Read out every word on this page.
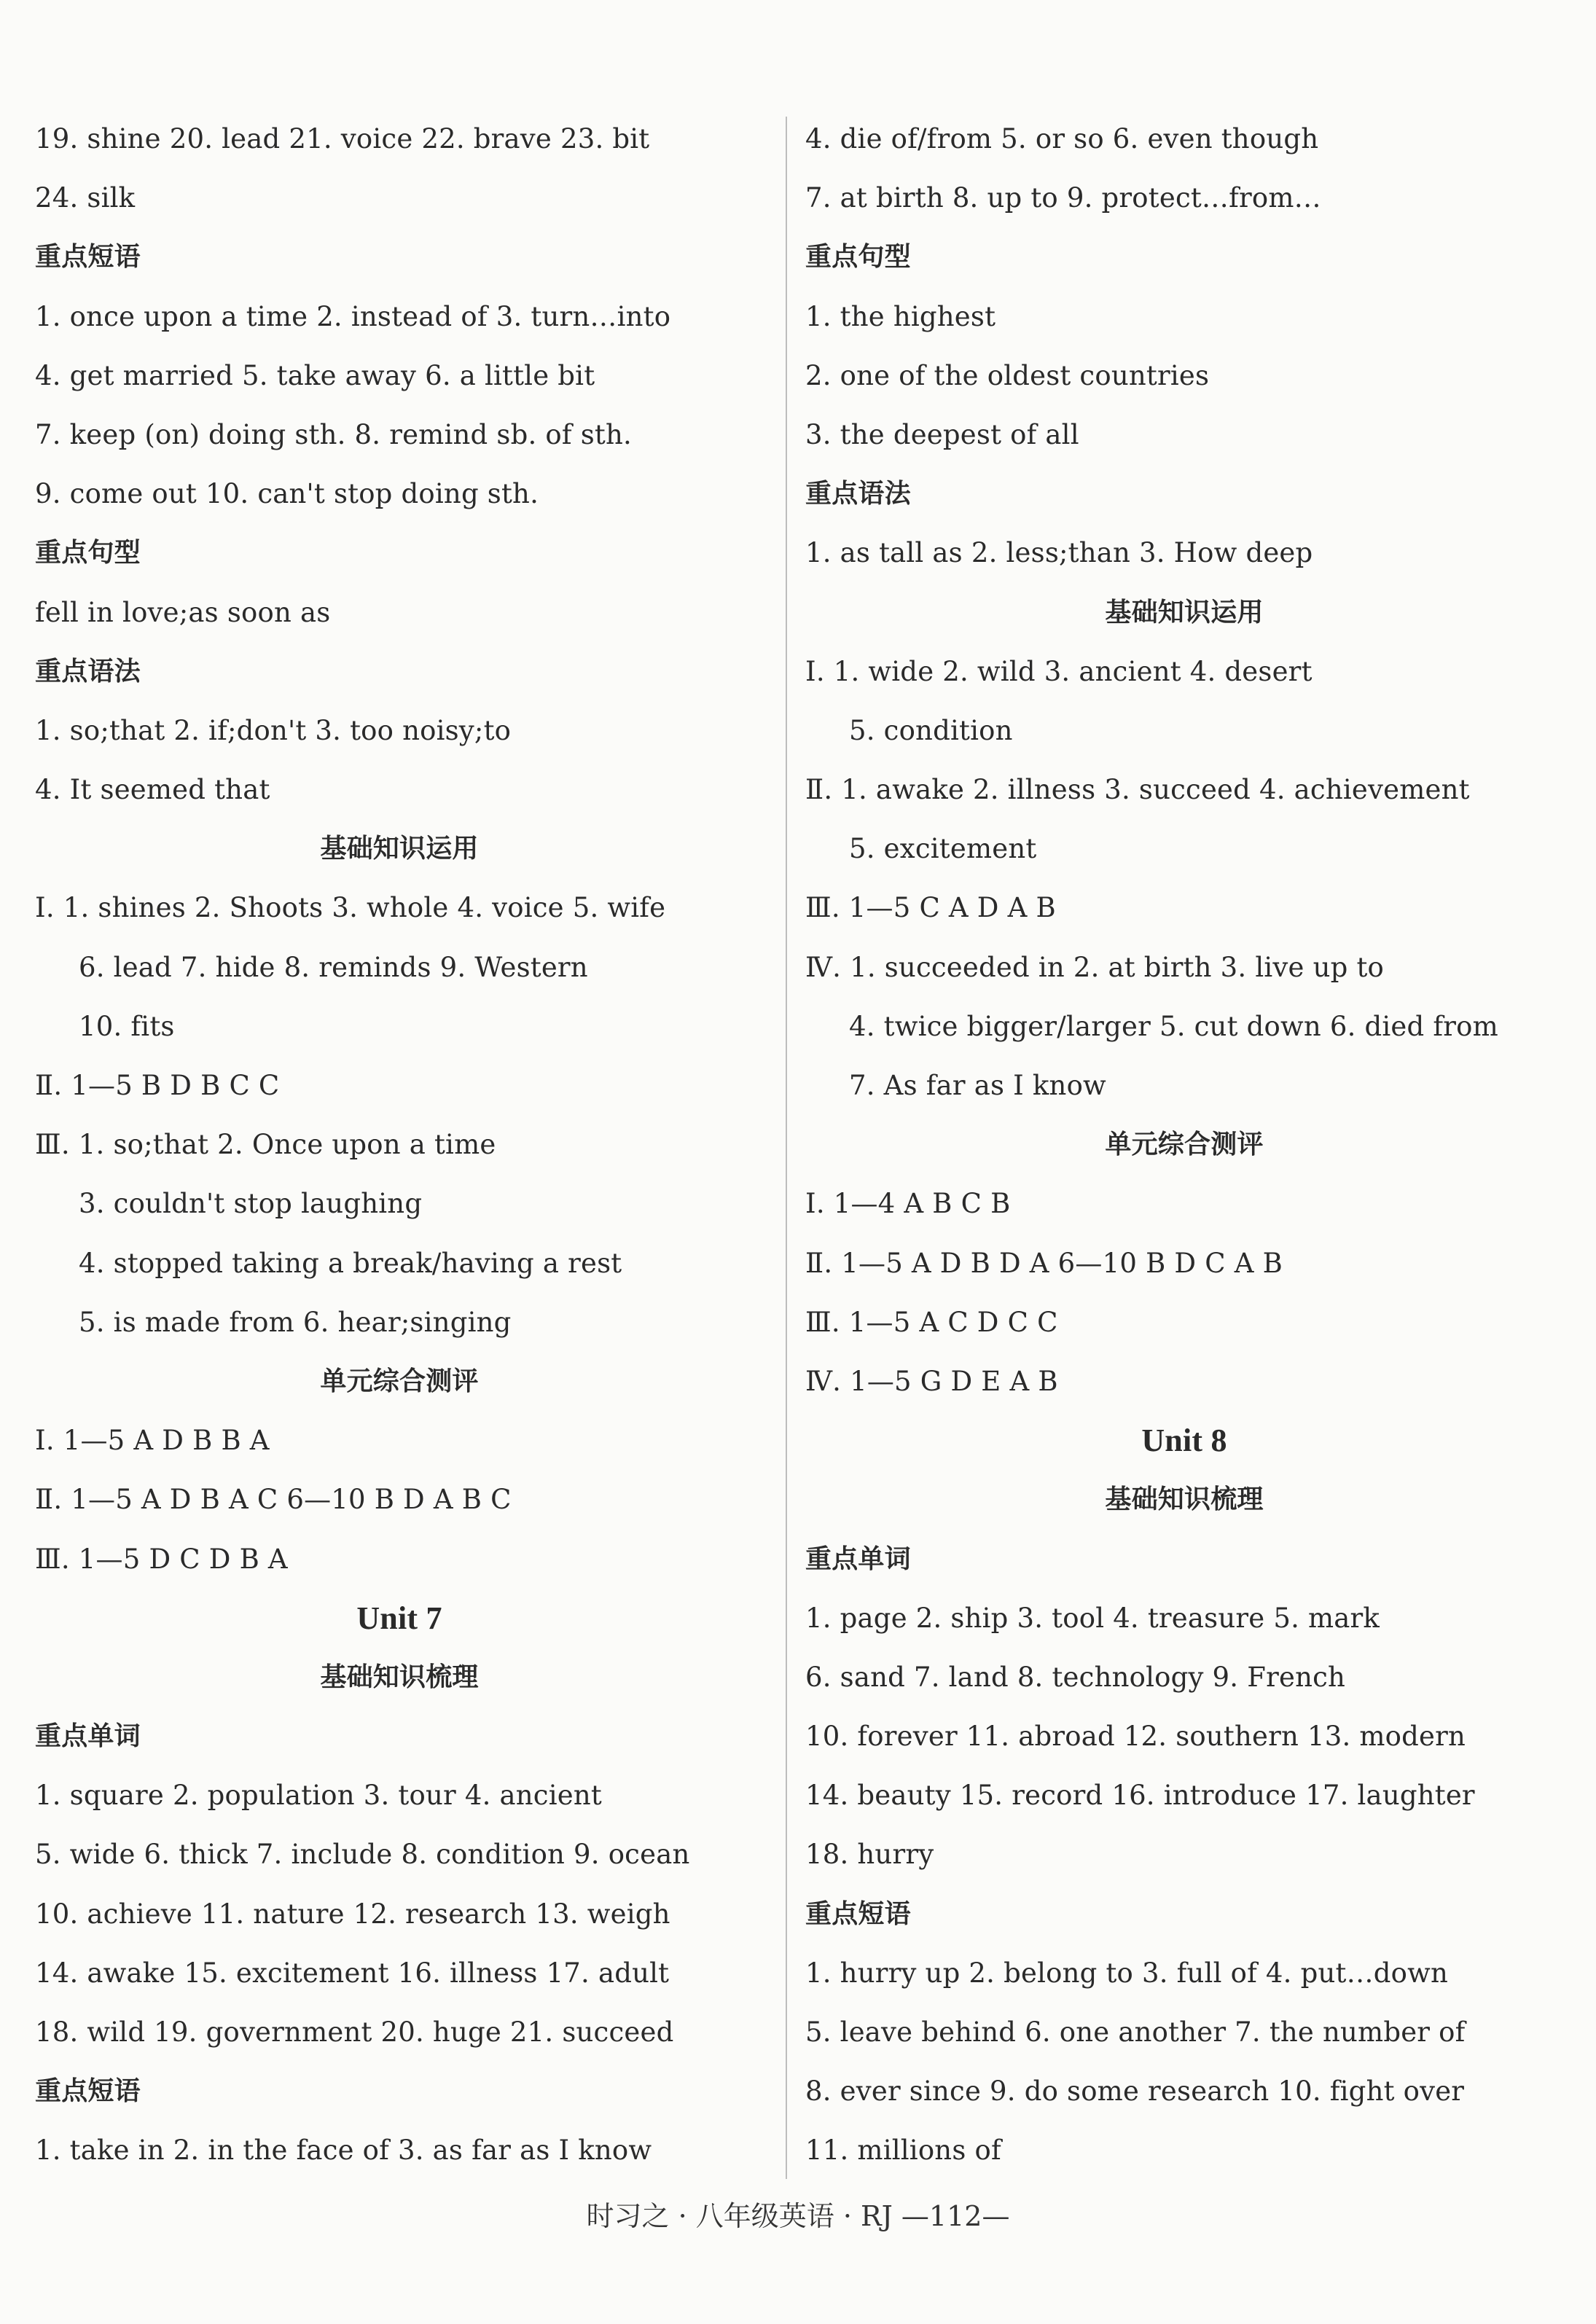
19. shine 20. lead 21. voice 22. brave 23. bit
24. silk
重点短语
1. once upon a time 2. instead of 3. turn…into
4. get married 5. take away 6. a little bit
7. keep (on) doing sth. 8. remind sb. of sth.
9. come out 10. can't stop doing sth.
重点句型
fell in love;as soon as
重点语法
1. so;that 2. if;don't 3. too noisy;to
4. It seemed that
基础知识运用
Ⅰ. 1. shines 2. Shoots 3. whole 4. voice 5. wife
6. lead 7. hide 8. reminds 9. Western
10. fits
Ⅱ. 1—5 B D B C C
Ⅲ. 1. so;that 2. Once upon a time
3. couldn't stop laughing
4. stopped taking a break/having a rest
5. is made from 6. hear;singing
单元综合测评
Ⅰ. 1—5 A D B B A
Ⅱ. 1—5 A D B A C 6—10 B D A B C
Ⅲ. 1—5 D C D B A
Unit 7
基础知识梳理
重点单词
1. square 2. population 3. tour 4. ancient
5. wide 6. thick 7. include 8. condition 9. ocean
10. achieve 11. nature 12. research 13. weigh
14. awake 15. excitement 16. illness 17. adult
18. wild 19. government 20. huge 21. succeed
重点短语
1. take in 2. in the face of 3. as far as I know
4. die of/from 5. or so 6. even though
7. at birth 8. up to 9. protect…from…
重点句型
1. the highest
2. one of the oldest countries
3. the deepest of all
重点语法
1. as tall as 2. less;than 3. How deep
基础知识运用
Ⅰ. 1. wide 2. wild 3. ancient 4. desert
5. condition
Ⅱ. 1. awake 2. illness 3. succeed 4. achievement
5. excitement
Ⅲ. 1—5 C A D A B
Ⅳ. 1. succeeded in 2. at birth 3. live up to
4. twice bigger/larger 5. cut down 6. died from
7. As far as I know
单元综合测评
Ⅰ. 1—4 A B C B
Ⅱ. 1—5 A D B D A 6—10 B D C A B
Ⅲ. 1—5 A C D C C
Ⅳ. 1—5 G D E A B
Unit 8
基础知识梳理
重点单词
1. page 2. ship 3. tool 4. treasure 5. mark
6. sand 7. land 8. technology 9. French
10. forever 11. abroad 12. southern 13. modern
14. beauty 15. record 16. introduce 17. laughter
18. hurry
重点短语
1. hurry up 2. belong to 3. full of 4. put…down
5. leave behind 6. one another 7. the number of
8. ever since 9. do some research 10. fight over
11. millions of
时习之 · 八年级英语 · RJ —112—
